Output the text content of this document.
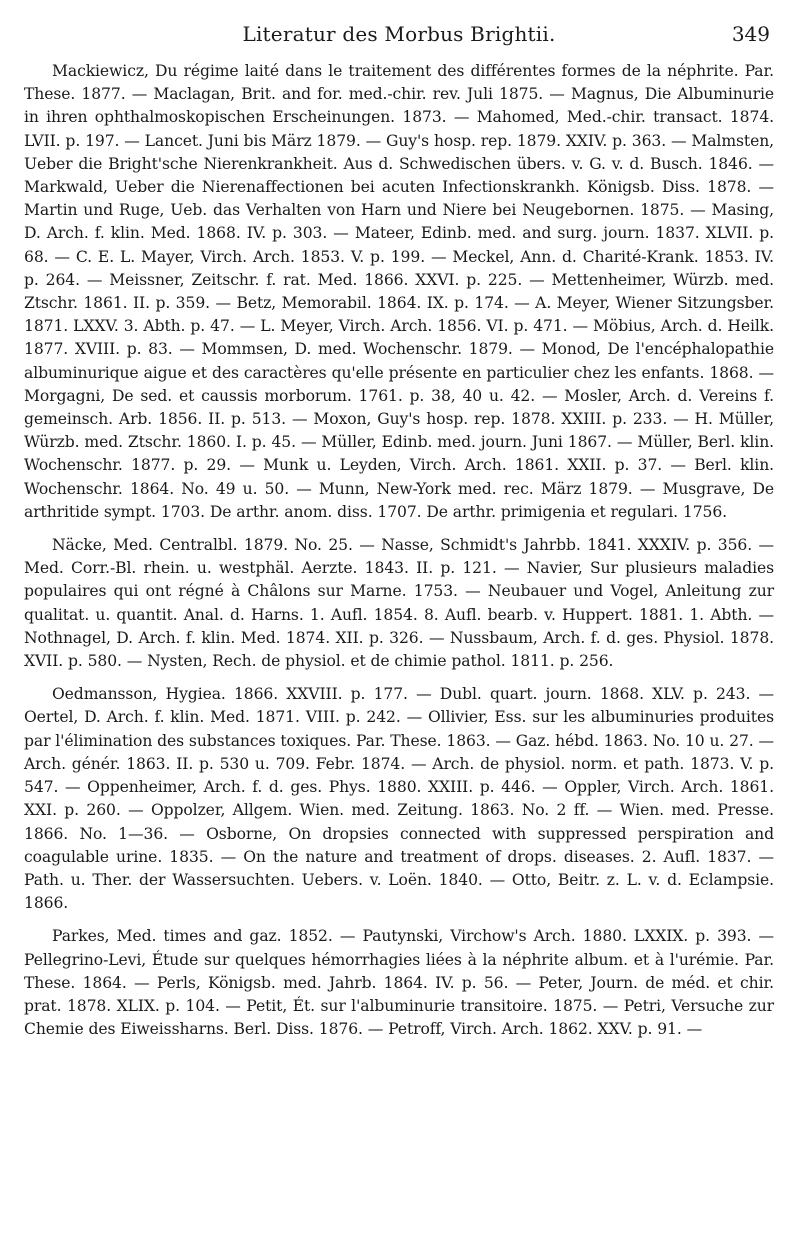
Literatur des Morbus Brightii.	349

Mackiewicz, Du régime laité dans le traitement des différentes formes de la néphrite. Par. These. 1877. — Maclagan, Brit. and for. med.-chir. rev. Juli 1875. — Magnus, Die Albuminurie in ihren ophthalmoskopischen Erscheinungen. 1873. — Mahomed, Med.-chir. transact. 1874. LVII. p. 197. — Lancet. Juni bis März 1879. — Guy's hosp. rep. 1879. XXIV. p. 363. — Malmsten, Ueber die Bright'sche Nierenkrankheit. Aus d. Schwedischen übers. v. G. v. d. Busch. 1846. — Markwald, Ueber die Nierenaffectionen bei acuten Infectionskrankh. Königsb. Diss. 1878. — Martin und Ruge, Ueb. das Verhalten von Harn und Niere bei Neugebornen. 1875. — Masing, D. Arch. f. klin. Med. 1868. IV. p. 303. — Mateer, Edinb. med. and surg. journ. 1837. XLVII. p. 68. — C. E. L. Mayer, Virch. Arch. 1853. V. p. 199. — Meckel, Ann. d. Charité-Krank. 1853. IV. p. 264. — Meissner, Zeitschr. f. rat. Med. 1866. XXVI. p. 225. — Mettenheimer, Würzb. med. Ztschr. 1861. II. p. 359. — Betz, Memorabil. 1864. IX. p. 174. — A. Meyer, Wiener Sitzungsber. 1871. LXXV. 3. Abth. p. 47. — L. Meyer, Virch. Arch. 1856. VI. p. 471. — Möbius, Arch. d. Heilk. 1877. XVIII. p. 83. — Mommsen, D. med. Wochenschr. 1879. — Monod, De l'encéphalopathie albuminurique aigue et des caractères qu'elle présente en particulier chez les enfants. 1868. — Morgagni, De sed. et caussis morborum. 1761. p. 38, 40 u. 42. — Mosler, Arch. d. Vereins f. gemeinsch. Arb. 1856. II. p. 513. — Moxon, Guy's hosp. rep. 1878. XXIII. p. 233. — H. Müller, Würzb. med. Ztschr. 1860. I. p. 45. — Müller, Edinb. med. journ. Juni 1867. — Müller, Berl. klin. Wochenschr. 1877. p. 29. — Munk u. Leyden, Virch. Arch. 1861. XXII. p. 37. — Berl. klin. Wochenschr. 1864. No. 49 u. 50. — Munn, New-York med. rec. März 1879. — Musgrave, De arthritide sympt. 1703. De arthr. anom. diss. 1707. De arthr. primigenia et regulari. 1756.

Näcke, Med. Centralbl. 1879. No. 25. — Nasse, Schmidt's Jahrbb. 1841. XXXIV. p. 356. — Med. Corr.-Bl. rhein. u. westphäl. Aerzte. 1843. II. p. 121. — Navier, Sur plusieurs maladies populaires qui ont régné à Châlons sur Marne. 1753. — Neubauer und Vogel, Anleitung zur qualitat. u. quantit. Anal. d. Harns. 1. Aufl. 1854. 8. Aufl. bearb. v. Huppert. 1881. 1. Abth. — Nothnagel, D. Arch. f. klin. Med. 1874. XII. p. 326. — Nussbaum, Arch. f. d. ges. Physiol. 1878. XVII. p. 580. — Nysten, Rech. de physiol. et de chimie pathol. 1811. p. 256.

Oedmansson, Hygiea. 1866. XXVIII. p. 177. — Dubl. quart. journ. 1868. XLV. p. 243. — Oertel, D. Arch. f. klin. Med. 1871. VIII. p. 242. — Ollivier, Ess. sur les albuminuries produites par l'élimination des substances toxiques. Par. These. 1863. — Gaz. hébd. 1863. No. 10 u. 27. — Arch. génér. 1863. II. p. 530 u. 709. Febr. 1874. — Arch. de physiol. norm. et path. 1873. V. p. 547. — Oppenheimer, Arch. f. d. ges. Phys. 1880. XXIII. p. 446. — Oppler, Virch. Arch. 1861. XXI. p. 260. — Oppolzer, Allgem. Wien. med. Zeitung. 1863. No. 2 ff. — Wien. med. Presse. 1866. No. 1—36. — Osborne, On dropsies connected with suppressed perspiration and coagulable urine. 1835. — On the nature and treatment of drops. diseases. 2. Aufl. 1837. — Path. u. Ther. der Wassersuchten. Uebers. v. Loën. 1840. — Otto, Beitr. z. L. v. d. Eclampsie. 1866.

Parkes, Med. times and gaz. 1852. — Pautynski, Virchow's Arch. 1880. LXXIX. p. 393. — Pellegrino-Levi, Étude sur quelques hémorrhagies liées à la néphrite album. et à l'urémie. Par. These. 1864. — Perls, Königsb. med. Jahrb. 1864. IV. p. 56. — Peter, Journ. de méd. et chir. prat. 1878. XLIX. p. 104. — Petit, Ét. sur l'albuminurie transitoire. 1875. — Petri, Versuche zur Chemie des Eiweissharns. Berl. Diss. 1876. — Petroff, Virch. Arch. 1862. XXV. p. 91. —
